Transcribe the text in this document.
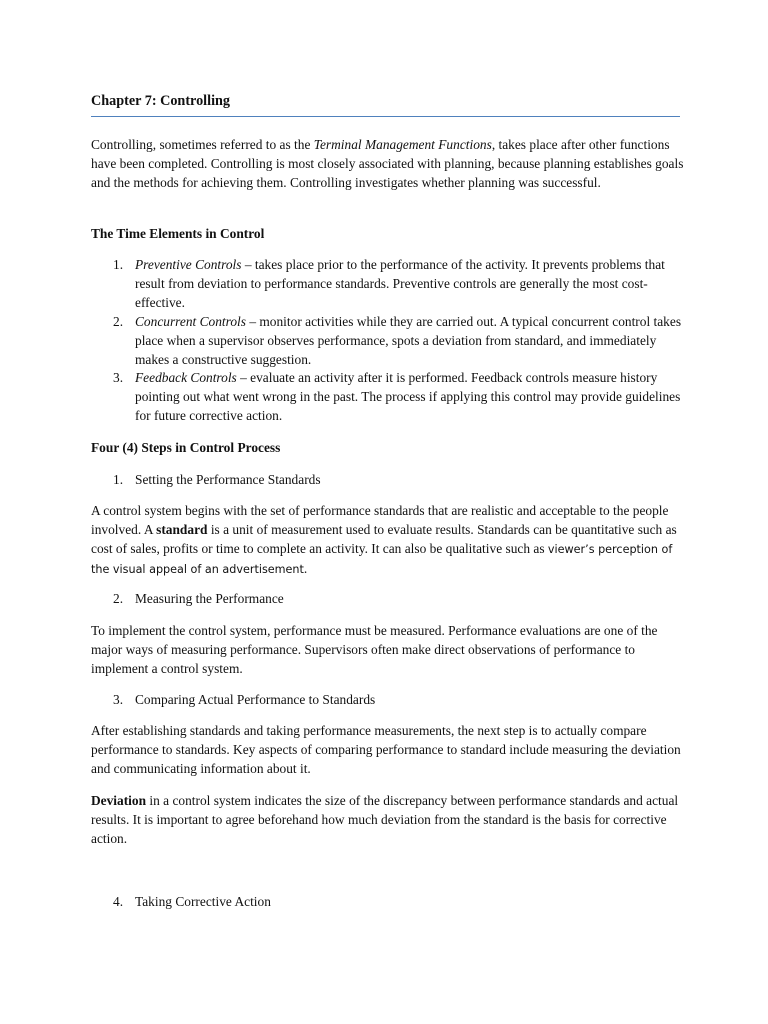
Chapter 7: Controlling

Controlling, sometimes referred to as the Terminal Management Functions, takes place after other functions have been completed. Controlling is most closely associated with planning, because planning establishes goals and the methods for achieving them. Controlling investigates whether planning was successful.

The Time Elements in Control
1. Preventive Controls – takes place prior to the performance of the activity. It prevents problems that result from deviation to performance standards. Preventive controls are generally the most cost-effective.
2. Concurrent Controls – monitor activities while they are carried out. A typical concurrent control takes place when a supervisor observes performance, spots a deviation from standard, and immediately makes a constructive suggestion.
3. Feedback Controls – evaluate an activity after it is performed. Feedback controls measure history pointing out what went wrong in the past. The process if applying this control may provide guidelines for future corrective action.
Four (4) Steps in Control Process
1. Setting the Performance Standards

A control system begins with the set of performance standards that are realistic and acceptable to the people involved. A standard is a unit of measurement used to evaluate results. Standards can be quantitative such as cost of sales, profits or time to complete an activity. It can also be qualitative such as viewer’s perception of the visual appeal of an advertisement.

2. Measuring the Performance

To implement the control system, performance must be measured. Performance evaluations are one of the major ways of measuring performance. Supervisors often make direct observations of performance to implement a control system.

3. Comparing Actual Performance to Standards

After establishing standards and taking performance measurements, the next step is to actually compare performance to standards. Key aspects of comparing performance to standard include measuring the deviation and communicating information about it.

Deviation in a control system indicates the size of the discrepancy between performance standards and actual results. It is important to agree beforehand how much deviation from the standard is the basis for corrective action.

4. Taking Corrective Action
